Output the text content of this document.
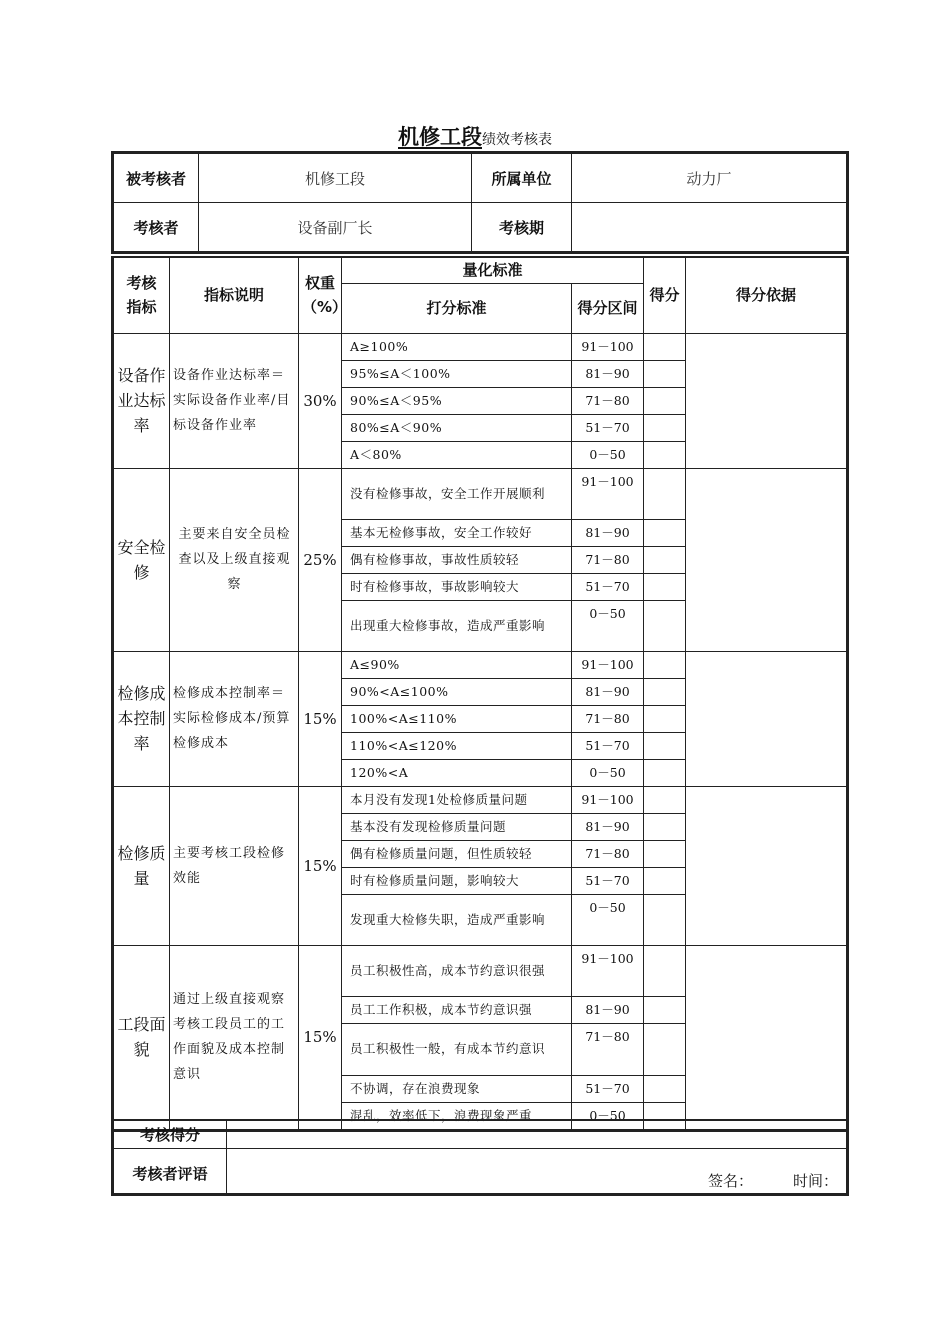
机修工段绩效考核表
被考核者	机修工段	所属单位	动力厂
考核者	设备副厂长	考核期	
考核指标	指标说明	权重（%）	量化标准		得分	得分依据
			打分标准	得分区间		
设备作业达标率	设备作业达标率＝实际设备作业率/目标设备作业率	30%	A≥100%	91－100		
			95%≤A＜100%	81－90		
			90%≤A＜95%	71－80		
			80%≤A＜90%	51－70		
			A＜80%	0－50		
安全检修	主要来自安全员检查以及上级直接观察	25%	没有检修事故，安全工作开展顺利	91－100		
			基本无检修事故，安全工作较好	81－90		
			偶有检修事故，事故性质较轻	71－80		
			时有检修事故，事故影响较大	51－70		
			出现重大检修事故，造成严重影响	0－50		
检修成本控制率	检修成本控制率＝实际检修成本/预算检修成本	15%	A≤90%	91－100		
			90%<A≤100%	81－90		
			100%<A≤110%	71－80		
			110%<A≤120%	51－70		
			120%<A	0－50		
检修质量	主要考核工段检修效能	15%	本月没有发现1处检修质量问题	91－100		
			基本没有发现检修质量问题	81－90		
			偶有检修质量问题，但性质较轻	71－80		
			时有检修质量问题，影响较大	51－70		
			发现重大检修失职，造成严重影响	0－50		
工段面貌	通过上级直接观察考核工段员工的工作面貌及成本控制意识	15%	员工积极性高，成本节约意识很强	91－100		
			员工工作积极，成本节约意识强	81－90		
			员工积极性一般，有成本节约意识	71－80		
			不协调，存在浪费现象	51－70		
			混乱，效率低下，浪费现象严重	0－50		
考核得分	
考核者评语	签名： 时间：
